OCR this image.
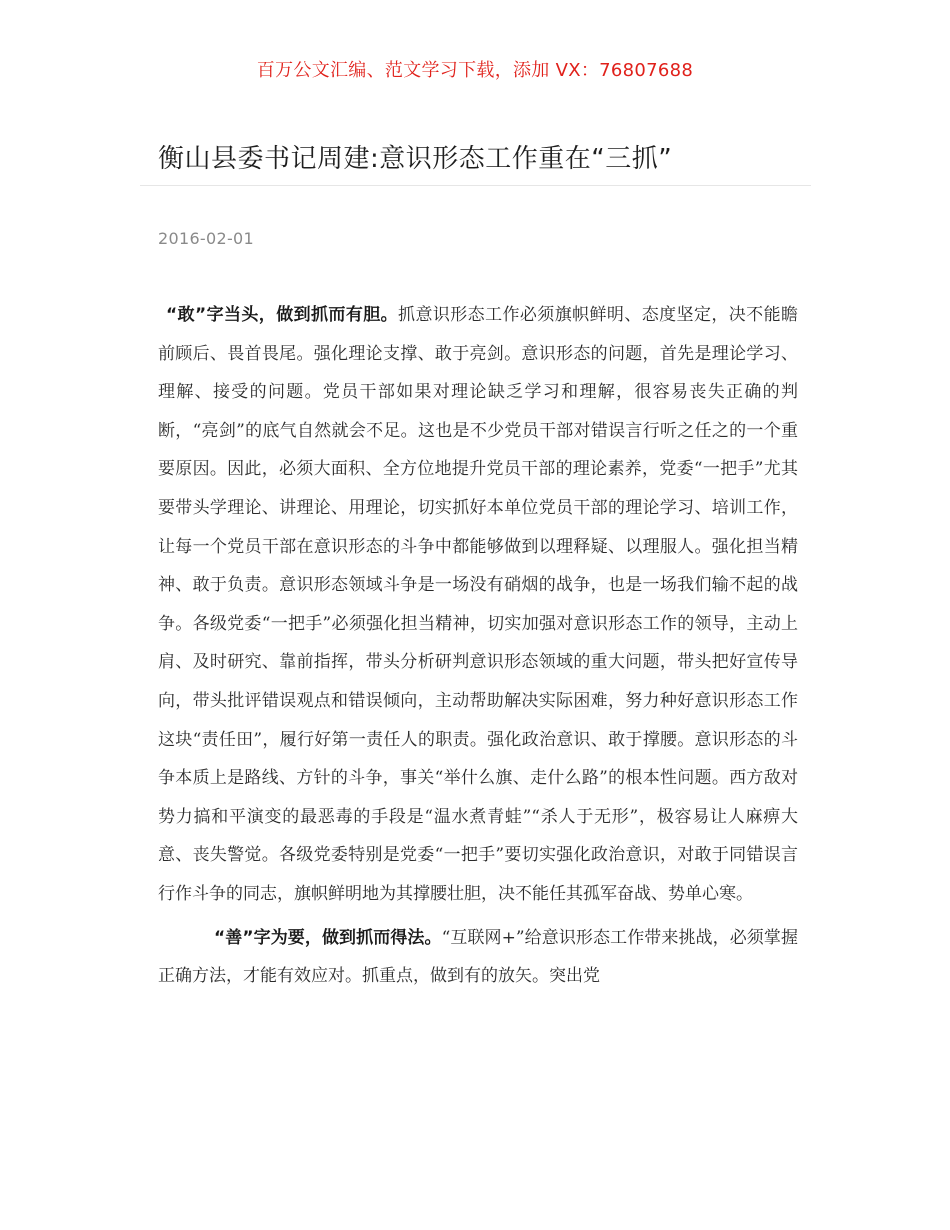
百万公文汇编、范文学习下载，添加 VX：76807688
衡山县委书记周建:意识形态工作重在“三抓”
2016-02-01

“敢”字当头，做到抓而有胆。抓意识形态工作必须旗帜鲜明、态度坚定，决不能瞻前顾后、畏首畏尾。强化理论支撑、敢于亮剑。意识形态的问题，首先是理论学习、理解、接受的问题。党员干部如果对理论缺乏学习和理解，很容易丧失正确的判断，“亮剑”的底气自然就会不足。这也是不少党员干部对错误言行听之任之的一个重要原因。因此，必须大面积、全方位地提升党员干部的理论素养，党委“一把手”尤其要带头学理论、讲理论、用理论，切实抓好本单位党员干部的理论学习、培训工作，让每一个党员干部在意识形态的斗争中都能够做到以理释疑、以理服人。强化担当精神、敢于负责。意识形态领域斗争是一场没有硝烟的战争，也是一场我们输不起的战争。各级党委“一把手”必须强化担当精神，切实加强对意识形态工作的领导，主动上肩、及时研究、靠前指挥，带头分析研判意识形态领域的重大问题，带头把好宣传导向，带头批评错误观点和错误倾向，主动帮助解决实际困难，努力种好意识形态工作这块“责任田”，履行好第一责任人的职责。强化政治意识、敢于撑腰。意识形态的斗争本质上是路线、方针的斗争，事关“举什么旗、走什么路”的根本性问题。西方敌对势力搞和平演变的最恶毒的手段是“温水煮青蛙”“杀人于无形”，极容易让人麻痹大意、丧失警觉。各级党委特别是党委“一把手”要切实强化政治意识，对敢于同错误言行作斗争的同志，旗帜鲜明地为其撑腰壮胆，决不能任其孤军奋战、势单心寒。

“善”字为要，做到抓而得法。“互联网+”给意识形态工作带来挑战，必须掌握正确方法，才能有效应对。抓重点，做到有的放矢。突出党
